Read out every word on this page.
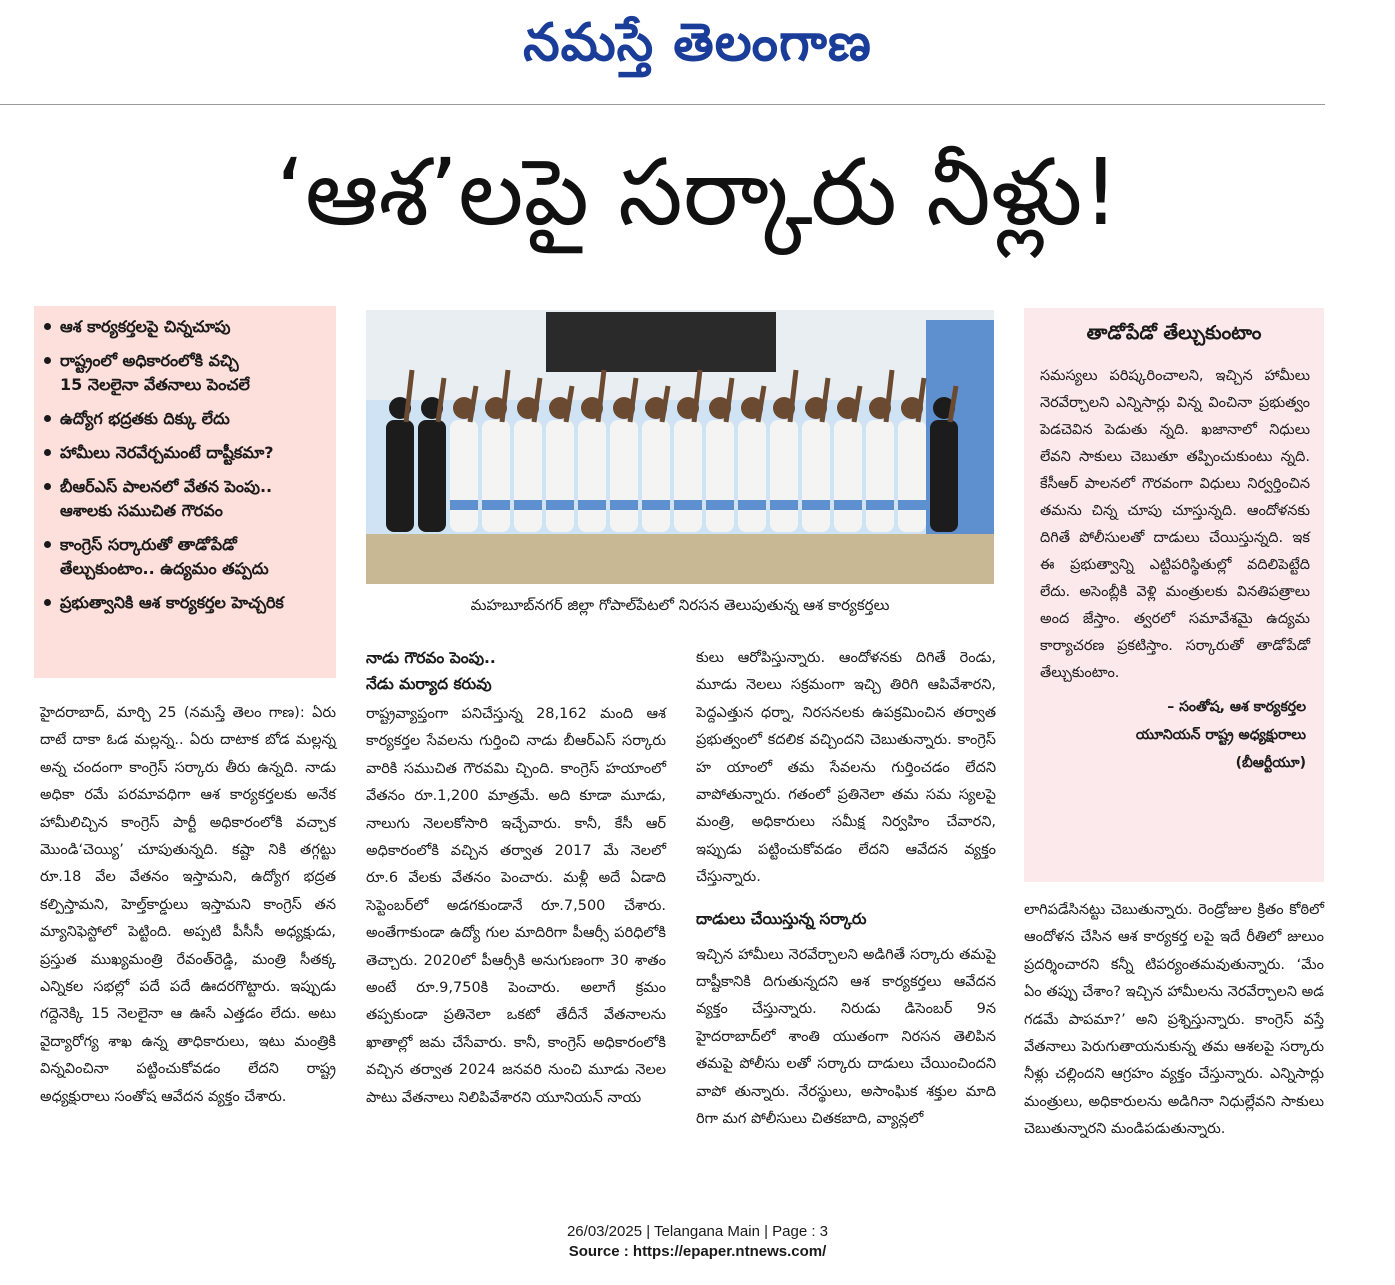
నమస్తే తెలంగాణ
‘ఆశ’లపై సర్కారు నీళ్లు!
ఆశ కార్యకర్తలపై చిన్నచూపు
రాష్ట్రంలో అధికారంలోకి వచ్చి
15 నెలలైనా వేతనాలు పెంచలే
ఉద్యోగ భద్రతకు దిక్కు లేదు
హామీలు నెరవేర్చమంటే దాష్టీకమా?
బీఆర్‌ఎస్ పాలనలో వేతన పెంపు..
ఆశాలకు సముచిత గౌరవం
కాంగ్రెస్ సర్కారుతో తాడోపేడో
తేల్చుకుంటాం.. ఉద్యమం తప్పదు
ప్రభుత్వానికి ఆశ కార్యకర్తల హెచ్చరిక	మహబూబ్‌నగర్ జిల్లా గోపాల్‌పేటలో నిరసన తెలుపుతున్న ఆశ కార్యకర్తలు
తాడోపేడో తేల్చుకుంటాం
సమస్యలు పరిష్కరించాలని, ఇచ్చిన హామీలు నెరవేర్చాలని ఎన్నిసార్లు విన్న వించినా ప్రభుత్వం పెడచెవిన పెడుతు న్నది. ఖజానాలో నిధులు లేవని సాకులు చెబుతూ తప్పించుకుంటు న్నది. కేసీఆర్ పాలనలో గౌరవంగా విధులు నిర్వర్తించిన తమను చిన్న చూపు చూస్తున్నది. ఆందోళనకు దిగితే పోలీసులతో దాడులు చేయిస్తున్నది. ఇక ఈ ప్రభుత్వాన్ని ఎట్టిపరిస్థితుల్లో వదిలిపెట్టేది లేదు. అసెంబ్లీకి వెళ్లి మంత్రులకు వినతిపత్రాలు అంద జేస్తాం. త్వరలో సమావేశమై ఉద్యమ కార్యాచరణ ప్రకటిస్తాం. సర్కారుతో తాడోపేడో తేల్చుకుంటాం.
– సంతోష, ఆశ కార్యకర్తల
యూనియన్ రాష్ట్ర అధ్యక్షురాలు
(బీఆర్టీయూ)
హైదరాబాద్, మార్చి 25 (నమస్తే తెలం గాణ): ఏరు దాటే దాకా ఓడ మల్లన్న.. ఏరు దాటాక బోడ మల్లన్న అన్న చందంగా కాంగ్రెస్ సర్కారు తీరు ఉన్నది. నాడు అధికా రమే పరమావధిగా ఆశ కార్యకర్తలకు అనేక హామీలిచ్చిన కాంగ్రెస్ పార్టీ అధికారంలోకి వచ్చాక మొండి‘చెయ్యి’ చూపుతున్నది. కష్టా నికి తగ్గట్టు రూ.18 వేల వేతనం ఇస్తామని, ఉద్యోగ భద్రత కల్పిస్తామని, హెల్త్‌కార్డులు ఇస్తామని కాంగ్రెస్ తన మ్యానిఫెస్టోలో పెట్టింది. అప్పటి పీసీసీ అధ్యక్షుడు, ప్రస్తుత ముఖ్యమంత్రి రేవంత్‌రెడ్డి, మంత్రి సీతక్క ఎన్నికల సభల్లో పదే పదే ఊదరగొట్టారు. ఇప్పుడు గద్దెనెక్కి 15 నెలలైనా ఆ ఊసే ఎత్తడం లేదు. అటు వైద్యారోగ్య శాఖ ఉన్న తాధికారులు, ఇటు మంత్రికి విన్నవించినా పట్టించుకోవడం లేదని రాష్ట్ర అధ్యక్షురాలు సంతోష ఆవేదన వ్యక్తం చేశారు.
నాడు గౌరవం పెంపు..
నేడు మర్యాద కరువు
రాష్ట్రవ్యాప్తంగా పనిచేస్తున్న 28,162 మంది ఆశ కార్యకర్తల సేవలను గుర్తించి నాడు బీఆర్‌ఎస్ సర్కారు వారికి సముచిత గౌరవమి చ్చింది. కాంగ్రెస్ హయాంలో వేతనం రూ.1,200 మాత్రమే. అది కూడా మూడు, నాలుగు నెలలకోసారి ఇచ్చేవారు. కానీ, కేసీ ఆర్ అధికారంలోకి వచ్చిన తర్వాత 2017 మే నెలలో రూ.6 వేలకు వేతనం పెంచారు. మళ్లీ అదే ఏడాది సెప్టెంబర్‌లో అడగకుండానే రూ.7,500 చేశారు. అంతేగాకుండా ఉద్యో గుల మాదిరిగా పీఆర్సీ పరిధిలోకి తెచ్చారు. 2020లో పీఆర్సీకి అనుగుణంగా 30 శాతం అంటే రూ.9,750కి పెంచారు. అలాగే క్రమం తప్పకుండా ప్రతినెలా ఒకటో తేదీనే వేతనాలను ఖాతాల్లో జమ చేసేవారు. కానీ, కాంగ్రెస్ అధికారంలోకి వచ్చిన తర్వాత 2024 జనవరి నుంచి మూడు నెలల పాటు వేతనాలు నిలిపివేశారని యూనియన్ నాయ
కులు ఆరోపిస్తున్నారు. ఆందోళనకు దిగితే రెండు, మూడు నెలలు సక్రమంగా ఇచ్చి తిరిగి ఆపివేశారని, పెద్దఎత్తున ధర్నా, నిరసనలకు ఉపక్రమించిన తర్వాత ప్రభుత్వంలో కదలిక వచ్చిందని చెబుతున్నారు. కాంగ్రెస్ హ యాంలో తమ సేవలను గుర్తించడం లేదని వాపోతున్నారు. గతంలో ప్రతినెలా తమ సమ స్యలపై మంత్రి, అధికారులు సమీక్ష నిర్వహిం చేవారని, ఇప్పుడు పట్టించుకోవడం లేదని ఆవేదన వ్యక్తం చేస్తున్నారు.
దాడులు చేయిస్తున్న సర్కారు
ఇచ్చిన హామీలు నెరవేర్చాలని అడిగితే సర్కారు తమపై దాష్టీకానికి దిగుతున్నదని ఆశ కార్యకర్తలు ఆవేదన వ్యక్తం చేస్తున్నారు. నిరుడు డిసెంబర్ 9న హైదరాబాద్‌లో శాంతి యుతంగా నిరసన తెలిపిన తమపై పోలీసు లతో సర్కారు దాడులు చేయించిందని వాపో తున్నారు. నేరస్థులు, అసాంఘిక శక్తుల మాది రిగా మగ పోలీసులు చితకబాది, వ్యాన్లలో
లాగిపడేసినట్టు చెబుతున్నారు. రెండ్రోజుల క్రితం కోఠిలో ఆందోళన చేసిన ఆశ కార్యకర్త లపై ఇదే రీతిలో జులుం ప్రదర్శించారని కన్నీ టిపర్యంతమవుతున్నారు. ‘మేం ఏం తప్పు చేశాం? ఇచ్చిన హామీలను నెరవేర్చాలని అడ గడమే పాపమా?’ అని ప్రశ్నిస్తున్నారు. కాంగ్రెస్ వస్తే వేతనాలు పెరుగుతాయనుకున్న తమ ఆశలపై సర్కారు నీళ్లు చల్లిందని ఆగ్రహం వ్యక్తం చేస్తున్నారు. ఎన్నిసార్లు మంత్రులు, అధికారులను అడిగినా నిధుల్లేవని సాకులు చెబుతున్నారని మండిపడుతున్నారు.
26/03/2025 | Telangana Main | Page : 3
Source : https://epaper.ntnews.com/
